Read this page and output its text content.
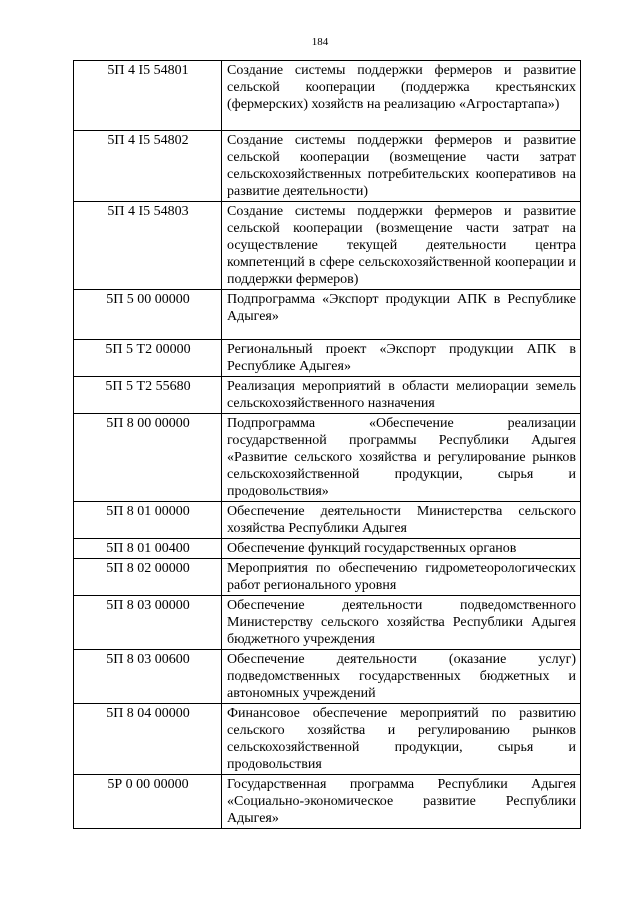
184
5П 4 I5 54801	Создание системы поддержки фермеров и развитие сельской кооперации (поддержка крестьянских (фермерских) хозяйств на реализацию «Агростартапа»)
5П 4 I5 54802	Создание системы поддержки фермеров и развитие сельской кооперации (возмещение части затрат сельскохозяйственных потребительских кооперативов на развитие деятельности)
5П 4 I5 54803	Создание системы поддержки фермеров и развитие сельской кооперации (возмещение части затрат на осуществление текущей деятельности центра компетенций в сфере сельскохозяйственной кооперации и поддержки фермеров)
5П 5 00 00000	Подпрограмма «Экспорт продукции АПК в Республике Адыгея»
5П 5 T2 00000	Региональный проект «Экспорт продукции АПК в Республике Адыгея»
5П 5 T2 55680	Реализация мероприятий в области мелиорации земель сельскохозяйственного назначения
5П 8 00 00000	Подпрограмма «Обеспечение реализации государственной программы Республики Адыгея «Развитие сельского хозяйства и регулирование рынков сельскохозяйственной продукции, сырья и продовольствия»
5П 8 01 00000	Обеспечение деятельности Министерства сельского хозяйства Республики Адыгея
5П 8 01 00400	Обеспечение функций государственных органов
5П 8 02 00000	Мероприятия по обеспечению гидрометеорологических работ регионального уровня
5П 8 03 00000	Обеспечение деятельности подведомственного Министерству сельского хозяйства Республики Адыгея бюджетного учреждения
5П 8 03 00600	Обеспечение деятельности (оказание услуг) подведомственных государственных бюджетных и автономных учреждений
5П 8 04 00000	Финансовое обеспечение мероприятий по развитию сельского хозяйства и регулированию рынков сельскохозяйственной продукции, сырья и продовольствия
5Р 0 00 00000	Государственная программа Республики Адыгея «Социально-экономическое развитие Республики Адыгея»
